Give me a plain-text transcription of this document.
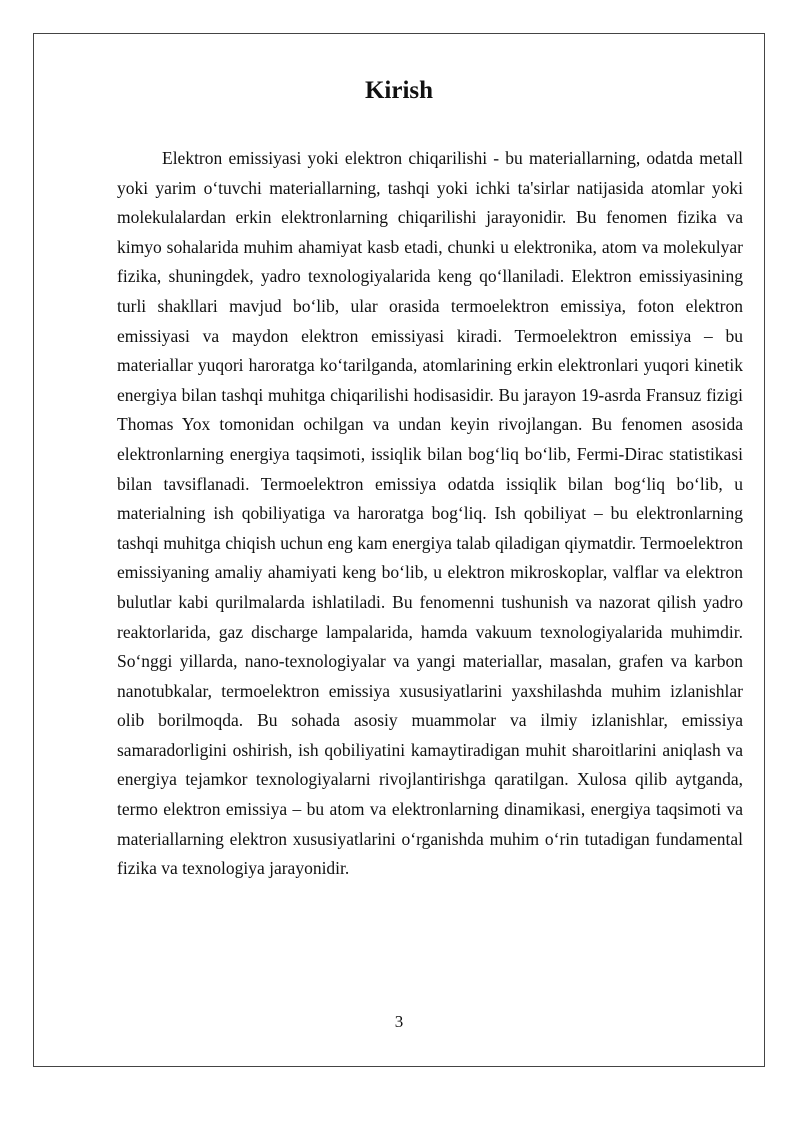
Kirish

Elektron emissiyasi yoki elektron chiqarilishi - bu materiallarning, odatda metall yoki yarim o‘tuvchi materiallarning, tashqi yoki ichki ta'sirlar natijasida atomlar yoki molekulalardan erkin elektronlarning chiqarilishi jarayonidir. Bu fenomen fizika va kimyo sohalarida muhim ahamiyat kasb etadi, chunki u elektronika, atom va molekulyar fizika, shuningdek, yadro texnologiyalarida keng qo‘llaniladi. Elektron emissiyasining turli shakllari mavjud bo‘lib, ular orasida termoelektron emissiya, foton elektron emissiyasi va maydon elektron emissiyasi kiradi. Termoelektron emissiya – bu materiallar yuqori haroratga ko‘tarilganda, atomlarining erkin elektronlari yuqori kinetik energiya bilan tashqi muhitga chiqarilishi hodisasidir. Bu jarayon 19-asrda Fransuz fizigi Thomas Yox tomonidan ochilgan va undan keyin rivojlangan. Bu fenomen asosida elektronlarning energiya taqsimoti, issiqlik bilan bog‘liq bo‘lib, Fermi-Dirac statistikasi bilan tavsiflanadi. Termoelektron emissiya odatda issiqlik bilan bog‘liq bo‘lib, u materialning ish qobiliyatiga va haroratga bog‘liq. Ish qobiliyat – bu elektronlarning tashqi muhitga chiqish uchun eng kam energiya talab qiladigan qiymatdir. Termoelektron emissiyaning amaliy ahamiyati keng bo‘lib, u elektron mikroskoplar, valflar va elektron bulutlar kabi qurilmalarda ishlatiladi. Bu fenomenni tushunish va nazorat qilish yadro reaktorlarida, gaz discharge lampalarida, hamda vakuum texnologiyalarida muhimdir. So‘nggi yillarda, nano-texnologiyalar va yangi materiallar, masalan, grafen va karbon nanotubkalar, termoelektron emissiya xususiyatlarini yaxshilashda muhim izlanishlar olib borilmoqda. Bu sohada asosiy muammolar va ilmiy izlanishlar, emissiya samaradorligini oshirish, ish qobiliyatini kamaytiradigan muhit sharoitlarini aniqlash va energiya tejamkor texnologiyalarni rivojlantirishga qaratilgan. Xulosa qilib aytganda, termo elektron emissiya – bu atom va elektronlarning dinamikasi, energiya taqsimoti va materiallarning elektron xususiyatlarini o‘rganishda muhim o‘rin tutadigan fundamental fizika va texnologiya jarayonidir.

3
